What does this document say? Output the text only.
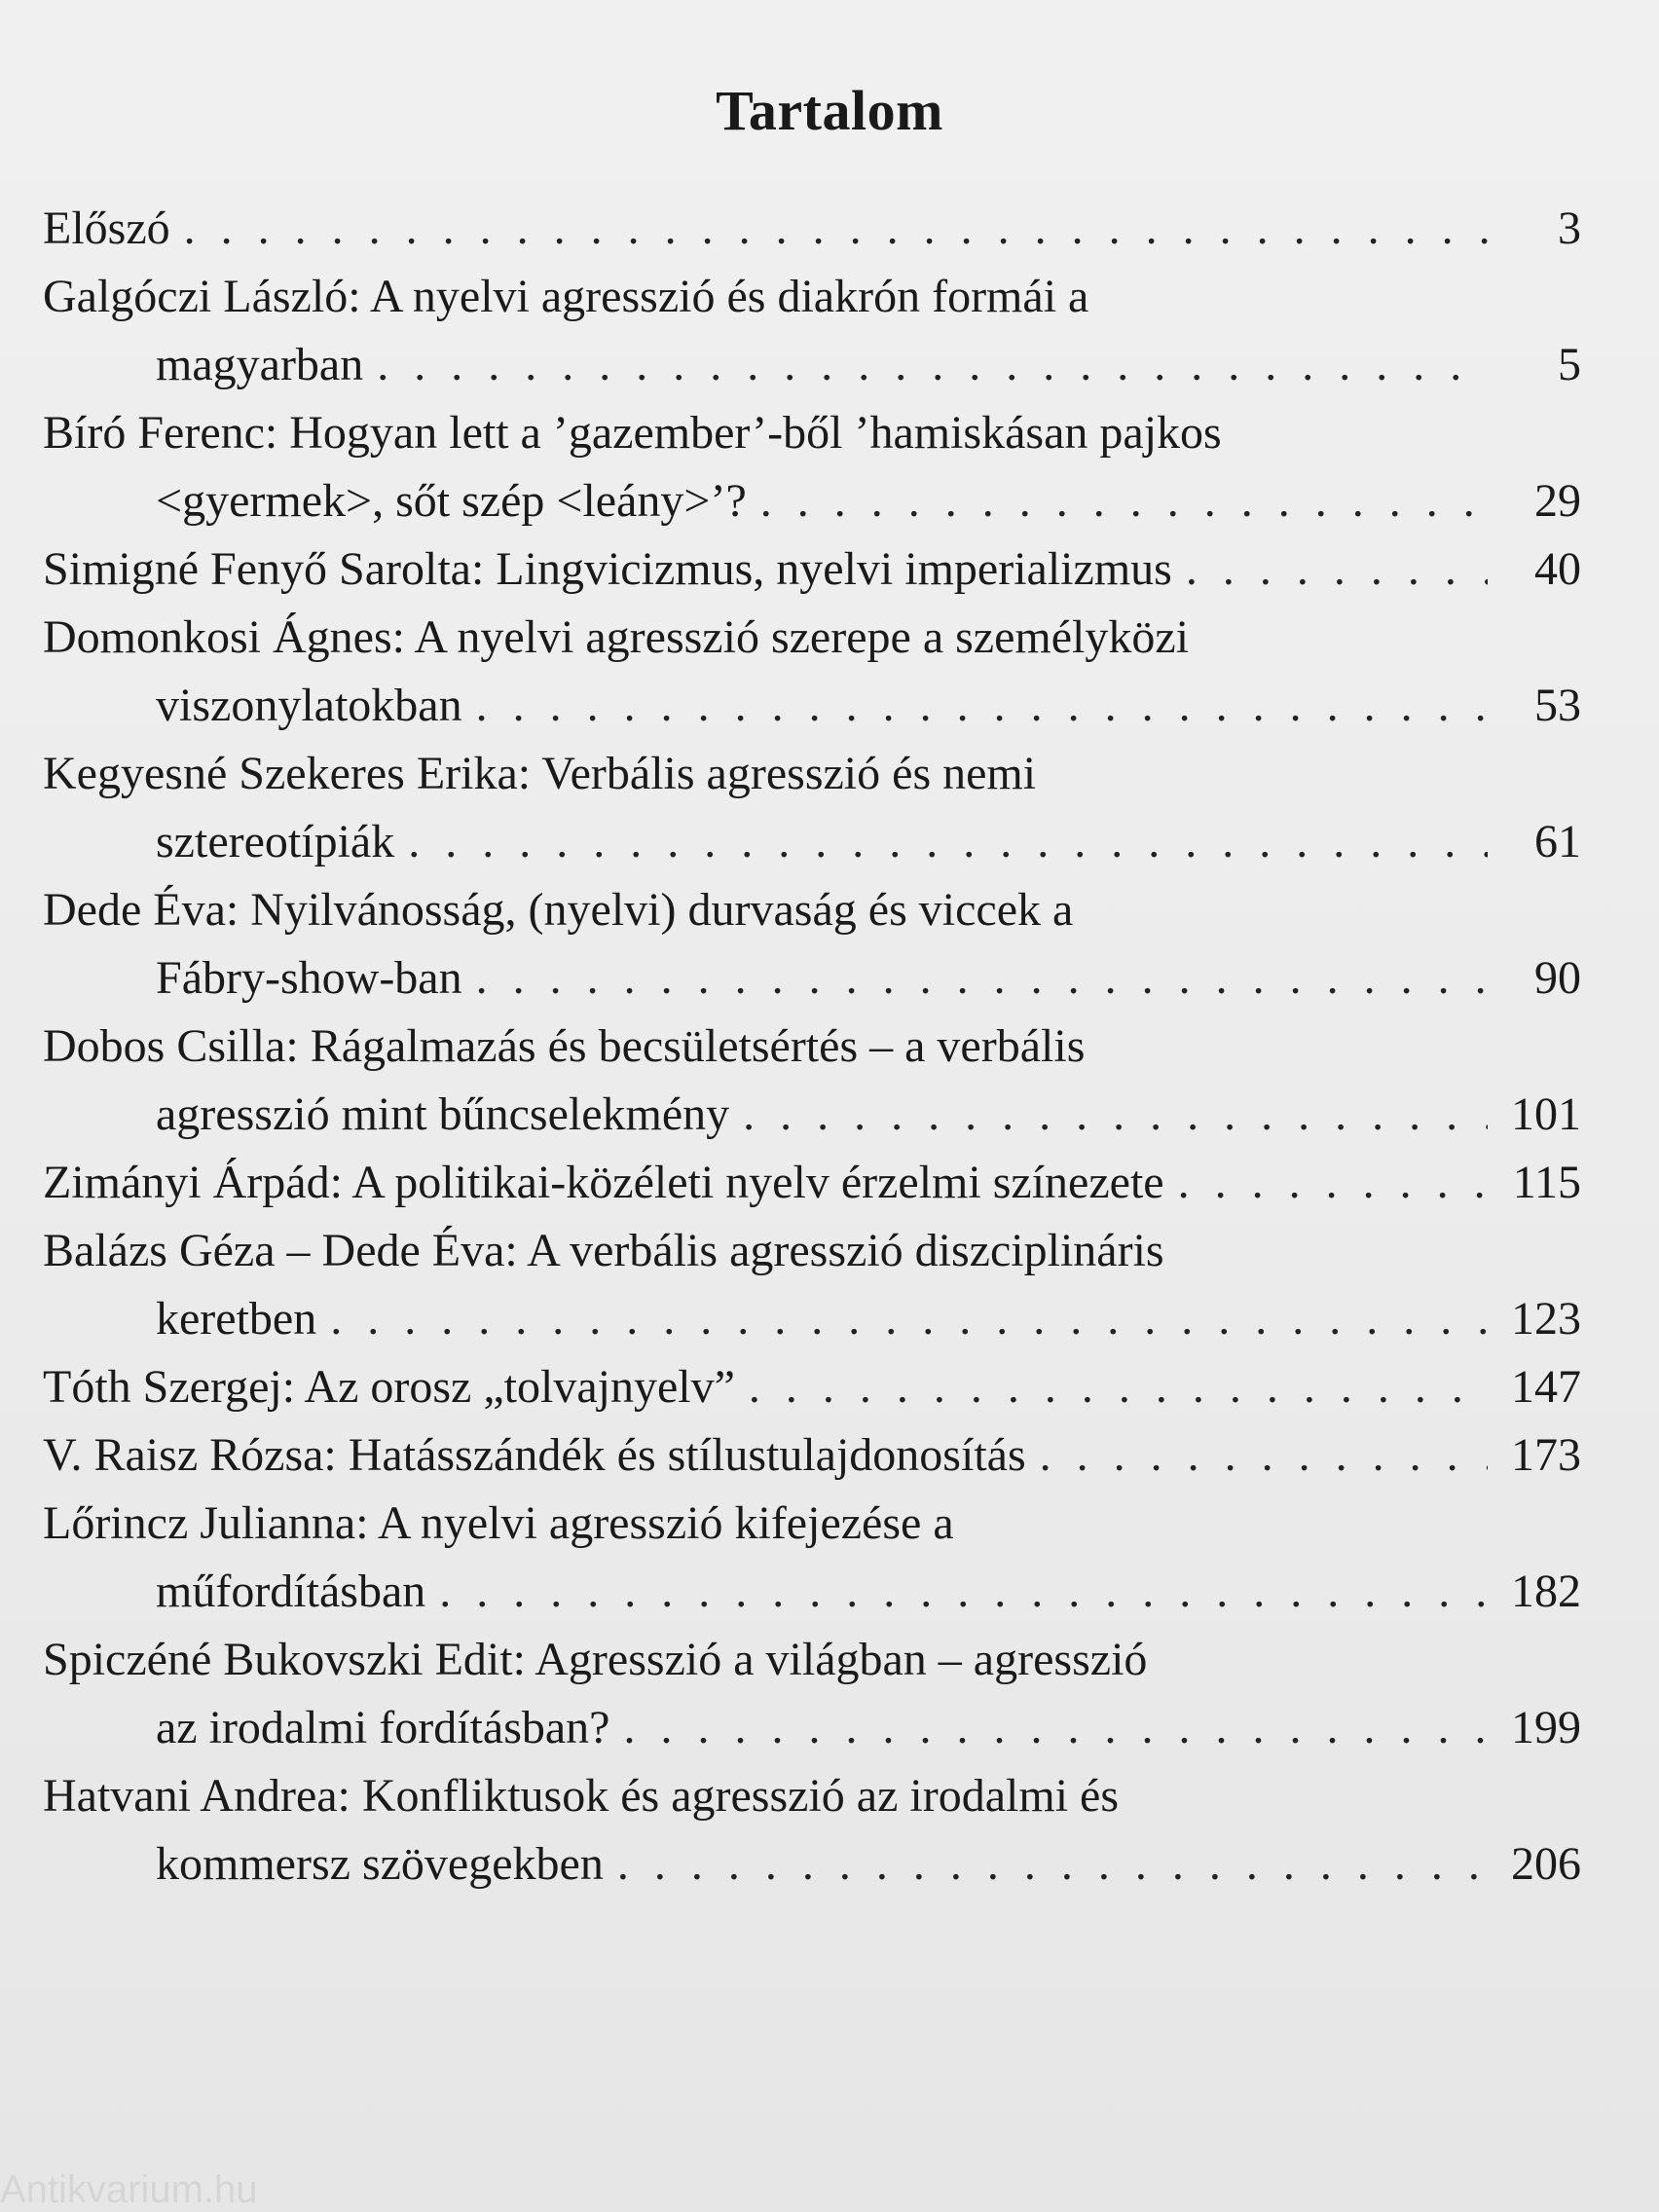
Tartalom
Előszó . . .	3
Galgóczi László: A nyelvi agresszió és diakrón formái a
magyarban . . .	5
Bíró Ferenc: Hogyan lett a ’gazember’-ből ’hamiskásan pajkos
<gyermek>, sőt szép <leány>’? . . .	29
Simigné Fenyő Sarolta: Lingvicizmus, nyelvi imperializmus . . .	40
Domonkosi Ágnes: A nyelvi agresszió szerepe a személyközi
viszonylatokban . . .	53
Kegyesné Szekeres Erika: Verbális agresszió és nemi
sztereotípiák . . .	61
Dede Éva: Nyilvánosság, (nyelvi) durvaság és viccek a
Fábry-show-ban . . .	90
Dobos Csilla: Rágalmazás és becsületsértés – a verbális
agresszió mint bűncselekmény . . .	101
Zimányi Árpád: A politikai-közéleti nyelv érzelmi színezete . . .	115
Balázs Géza – Dede Éva: A verbális agresszió diszciplináris
keretben . . .	123
Tóth Szergej: Az orosz „tolvajnyelv” . . .	147
V. Raisz Rózsa: Hatásszándék és stílustulajdonosítás . . .	173
Lőrincz Julianna: A nyelvi agresszió kifejezése a
műfordításban . . .	182
Spiczéné Bukovszki Edit: Agresszió a világban – agresszió
az irodalmi fordításban? . . .	199
Hatvani Andrea: Konfliktusok és agresszió az irodalmi és
kommersz szövegekben . . .	206
Antikvarium.hu
